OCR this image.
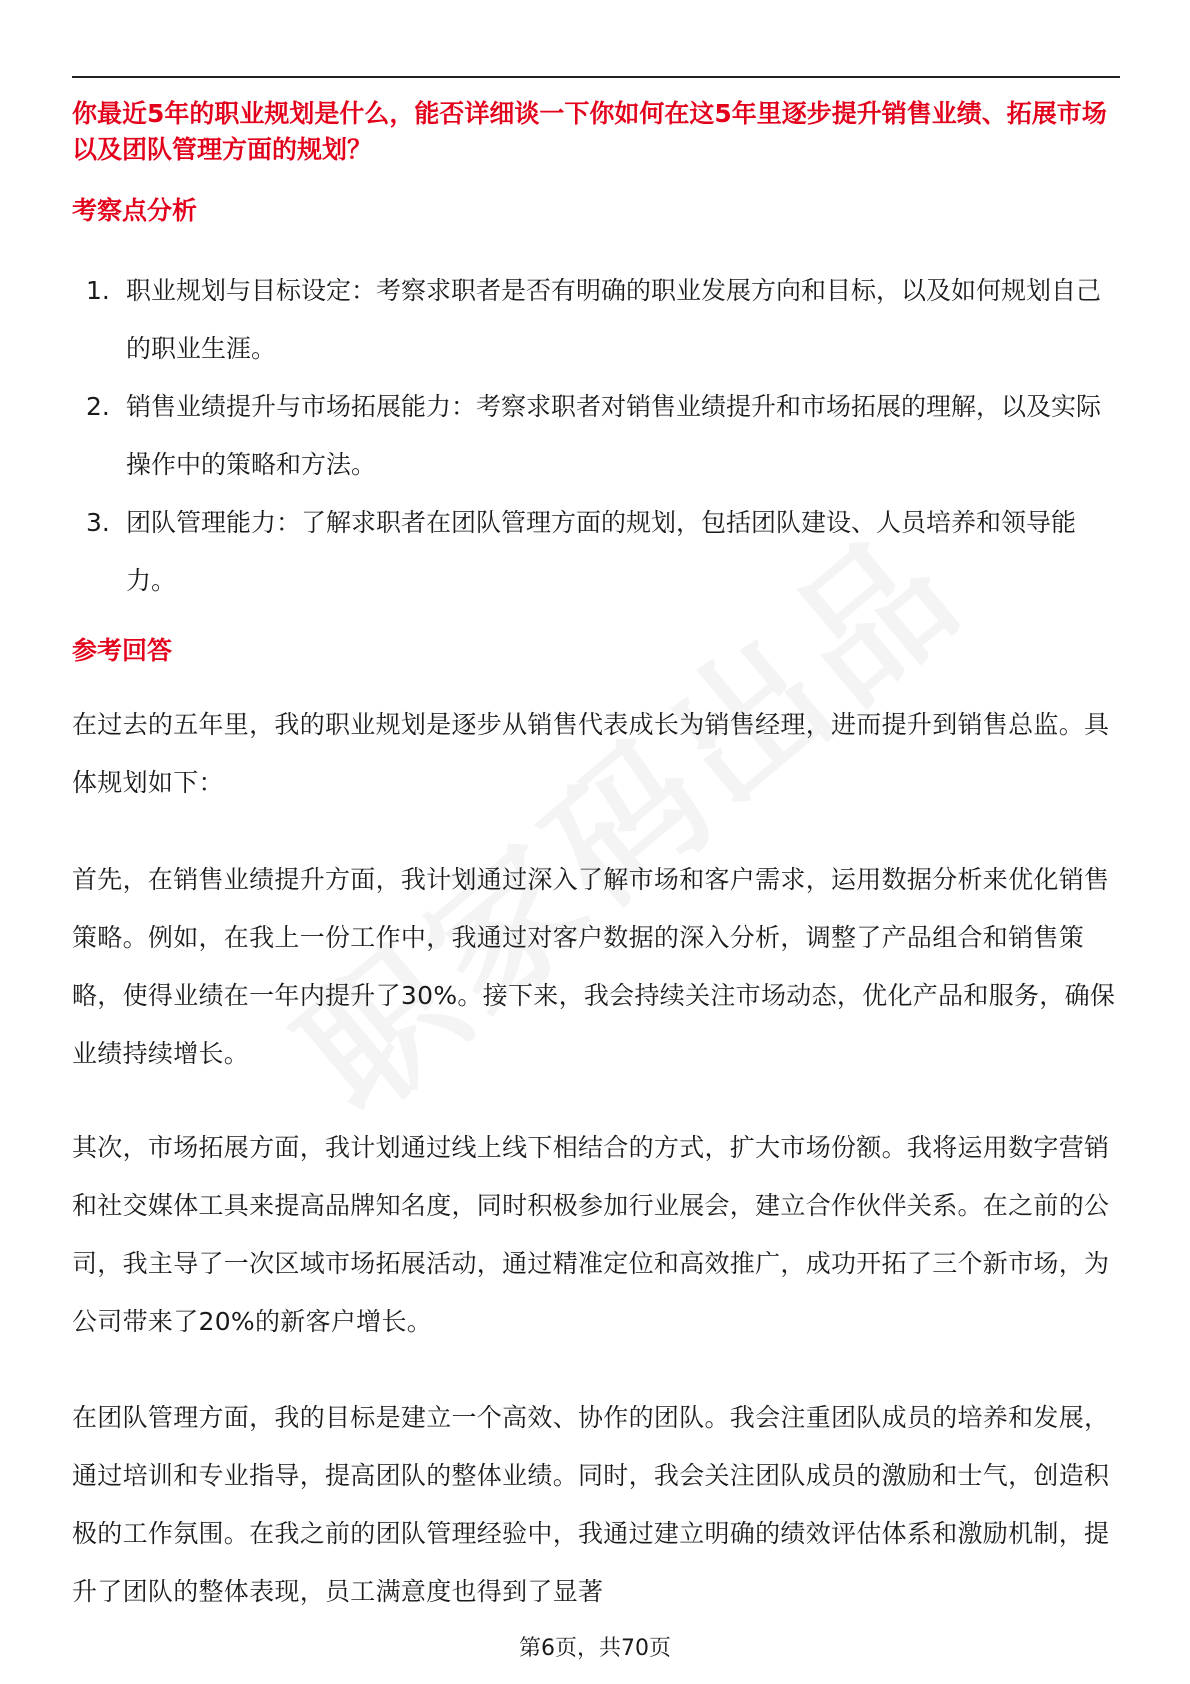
你最近5年的职业规划是什么，能否详细谈一下你如何在这5年里逐步提升销售业绩、拓展市场以及团队管理方面的规划？
考察点分析
1. 职业规划与目标设定：考察求职者是否有明确的职业发展方向和目标，以及如何规划自己的职业生涯。
2. 销售业绩提升与市场拓展能力：考察求职者对销售业绩提升和市场拓展的理解，以及实际操作中的策略和方法。
3. 团队管理能力：了解求职者在团队管理方面的规划，包括团队建设、人员培养和领导能力。
参考回答

在过去的五年里，我的职业规划是逐步从销售代表成长为销售经理，进而提升到销售总监。具体规划如下：

首先，在销售业绩提升方面，我计划通过深入了解市场和客户需求，运用数据分析来优化销售策略。例如，在我上一份工作中，我通过对客户数据的深入分析，调整了产品组合和销售策略，使得业绩在一年内提升了30%。接下来，我会持续关注市场动态，优化产品和服务，确保业绩持续增长。

其次，市场拓展方面，我计划通过线上线下相结合的方式，扩大市场份额。我将运用数字营销和社交媒体工具来提高品牌知名度，同时积极参加行业展会，建立合作伙伴关系。在之前的公司，我主导了一次区域市场拓展活动，通过精准定位和高效推广，成功开拓了三个新市场，为公司带来了20%的新客户增长。

在团队管理方面，我的目标是建立一个高效、协作的团队。我会注重团队成员的培养和发展，通过培训和专业指导，提高团队的整体业绩。同时，我会关注团队成员的激励和士气，创造积极的工作氛围。在我之前的团队管理经验中，我通过建立明确的绩效评估体系和激励机制，提升了团队的整体表现，员工满意度也得到了显著

第6页，共70页
